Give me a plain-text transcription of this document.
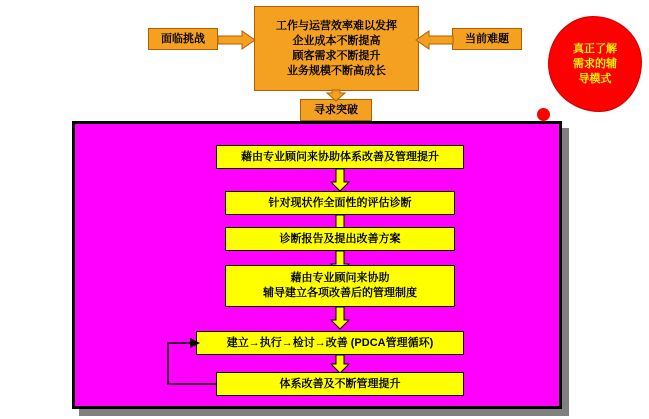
工作与运营效率难以发挥
企业成本不断提高
顾客需求不断提升
业务规模不断高成长
面临挑战	当前难题
寻求突破
真正了解
需求的辅
导模式
藉由专业顾问来协助体系改善及管理提升
针对现状作全面性的评估诊断
诊断报告及提出改善方案
藉由专业顾问来协助
辅导建立各项改善后的管理制度
建立→执行→检讨→改善 (PDCA管理循环)
体系改善及不断管理提升
